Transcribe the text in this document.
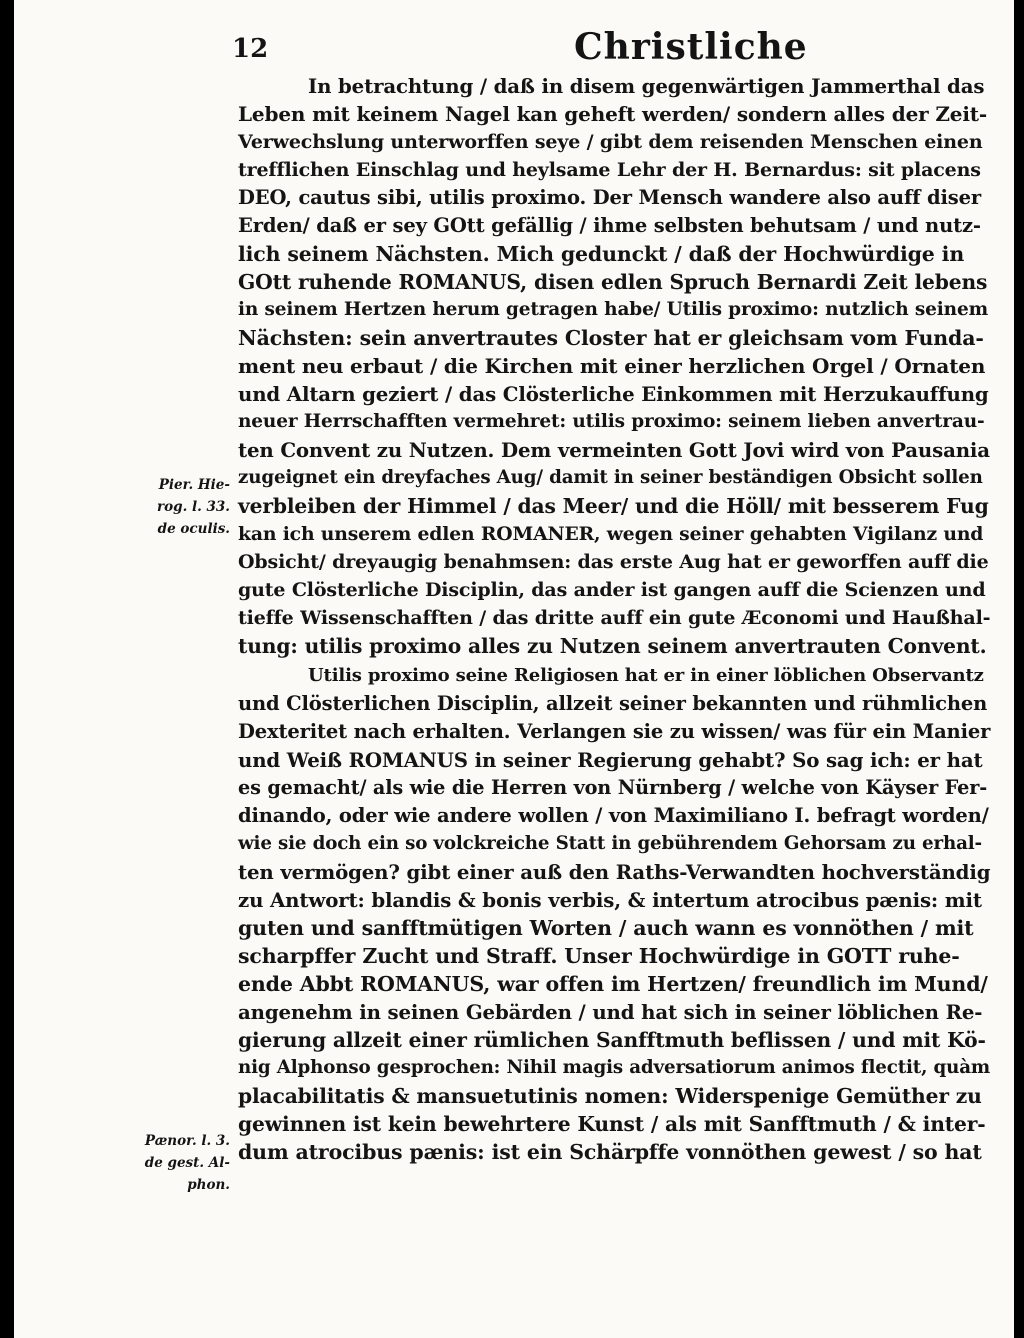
12	Christliche
Pier. Hie-
rog. l. 33.
de oculis.
Pænor. l. 3.
de gest. Al-
phon.
In betrachtung / daß in disem gegenwärtigen Jammerthal das
Leben mit keinem Nagel kan geheft werden/ sondern alles der Zeit-
Verwechslung unterworffen seye / gibt dem reisenden Menschen einen
trefflichen Einschlag und heylsame Lehr der H. Bernardus: sit placens
DEO, cautus sibi, utilis proximo. Der Mensch wandere also auff diser
Erden/ daß er sey GOtt gefällig / ihme selbsten behutsam / und nutz-
lich seinem Nächsten. Mich gedunckt / daß der Hochwürdige in
GOtt ruhende ROMANUS, disen edlen Spruch Bernardi Zeit lebens
in seinem Hertzen herum getragen habe/ Utilis proximo: nutzlich seinem
Nächsten: sein anvertrautes Closter hat er gleichsam vom Funda-
ment neu erbaut / die Kirchen mit einer herzlichen Orgel / Ornaten
und Altarn geziert / das Clösterliche Einkommen mit Herzukauffung
neuer Herrschafften vermehret: utilis proximo: seinem lieben anvertrau-
ten Convent zu Nutzen. Dem vermeinten Gott Jovi wird von Pausania
zugeignet ein dreyfaches Aug/ damit in seiner beständigen Obsicht sollen
verbleiben der Himmel / das Meer/ und die Höll/ mit besserem Fug
kan ich unserem edlen ROMANER, wegen seiner gehabten Vigilanz und
Obsicht/ dreyaugig benahmsen: das erste Aug hat er geworffen auff die
gute Clösterliche Disciplin, das ander ist gangen auff die Scienzen und
tieffe Wissenschafften / das dritte auff ein gute Æconomi und Haußhal-
tung: utilis proximo alles zu Nutzen seinem anvertrauten Convent.
Utilis proximo seine Religiosen hat er in einer löblichen Observantz
und Clösterlichen Disciplin, allzeit seiner bekannten und rühmlichen
Dexteritet nach erhalten. Verlangen sie zu wissen/ was für ein Manier
und Weiß ROMANUS in seiner Regierung gehabt? So sag ich: er hat
es gemacht/ als wie die Herren von Nürnberg / welche von Käyser Fer-
dinando, oder wie andere wollen / von Maximiliano I. befragt worden/
wie sie doch ein so volckreiche Statt in gebührendem Gehorsam zu erhal-
ten vermögen? gibt einer auß den Raths-Verwandten hochverständig
zu Antwort: blandis & bonis verbis, & intertum atrocibus pænis: mit
guten und sanfftmütigen Worten / auch wann es vonnöthen / mit
scharpffer Zucht und Straff. Unser Hochwürdige in GOTT ruhe-
ende Abbt ROMANUS, war offen im Hertzen/ freundlich im Mund/
angenehm in seinen Gebärden / und hat sich in seiner löblichen Re-
gierung allzeit einer rümlichen Sanfftmuth beflissen / und mit Kö-
nig Alphonso gesprochen: Nihil magis adversatiorum animos flectit, quàm
placabilitatis & mansuetutinis nomen: Widerspenige Gemüther zu
gewinnen ist kein bewehrtere Kunst / als mit Sanfftmuth / & inter-
dum atrocibus pænis: ist ein Schärpffe vonnöthen gewest / so hat
